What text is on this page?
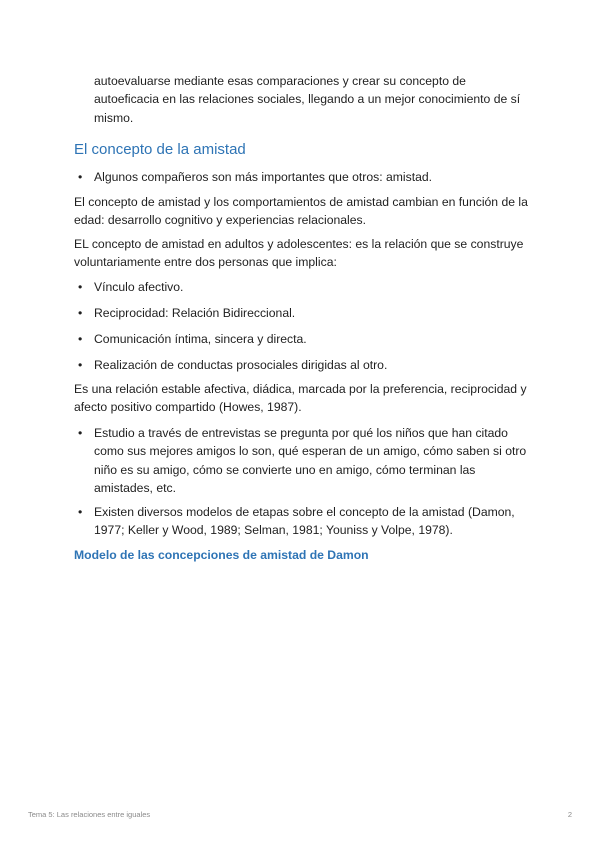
autoevaluarse mediante esas comparaciones y crear su concepto de autoeficacia en las relaciones sociales, llegando a un mejor conocimiento de sí mismo.
El concepto de la amistad
• Algunos compañeros son más importantes que otros: amistad.

El concepto de amistad y los comportamientos de amistad cambian en función de la edad: desarrollo cognitivo y experiencias relacionales.

EL concepto de amistad en adultos y adolescentes: es la relación que se construye voluntariamente entre dos personas que implica:

• Vínculo afectivo.
• Reciprocidad: Relación Bidireccional.
• Comunicación íntima, sincera y directa.
• Realización de conductas prosociales dirigidas al otro.

Es una relación estable afectiva, diádica, marcada por la preferencia, reciprocidad y afecto positivo compartido (Howes, 1987).

• Estudio a través de entrevistas se pregunta por qué los niños que han citado como sus mejores amigos lo son, qué esperan de un amigo, cómo saben si otro niño es su amigo, cómo se convierte uno en amigo, cómo terminan las amistades, etc.
• Existen diversos modelos de etapas sobre el concepto de la amistad (Damon, 1977; Keller y Wood, 1989; Selman, 1981; Youniss y Volpe, 1978).

Modelo de las concepciones de amistad de Damon

Tema 5: Las relaciones entre iguales	2
